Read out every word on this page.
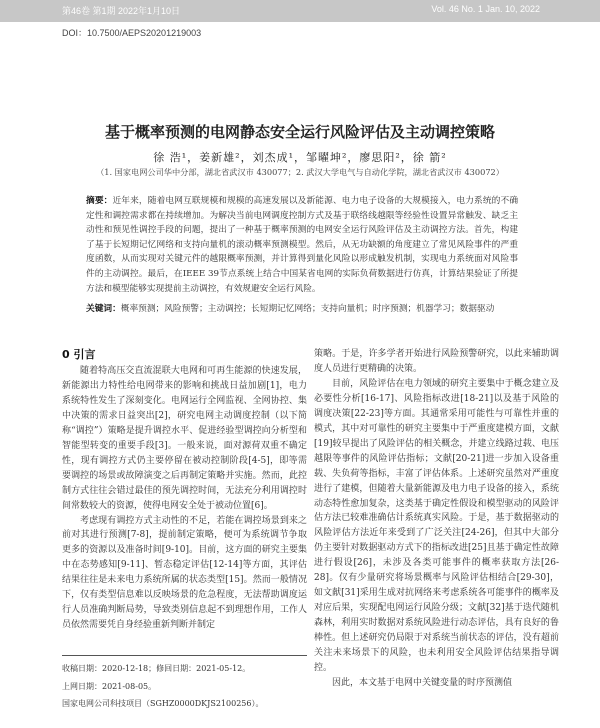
第46卷 第1期 2022年1月10日	Vol. 46 No. 1 Jan. 10, 2022
DOI：10.7500/AEPS20201219003
基于概率预测的电网静态安全运行风险评估及主动调控策略
徐 浩¹，姜新雄²，刘杰成¹，邹曜坤²，廖思阳²，徐 箭²
（1. 国家电网公司华中分部，湖北省武汉市 430077；2. 武汉大学电气与自动化学院，湖北省武汉市 430072）
摘要：近年来，随着电网互联规模和规模的高速发展以及新能源、电力电子设备的大规模接入，电力系统的不确定性和调控需求都在持续增加。为解决当前电网调度控制方式及基于联络线越限等经验性设置异常触发、缺乏主动性和预见性调控手段的问题，提出了一种基于概率预测的电网安全运行风险评估及主动调控方法。首先，构建了基于长短期记忆网络和支持向量机的滚动概率预测模型。然后，从无功缺额的角度建立了常见风险事件的严重度函数，从而实现对关键元件的越限概率预测，并计算得到量化风险以形成触发机制，实现电力系统面对风险事件的主动调控。最后，在IEEE 39节点系统上结合中国某省电网的实际负荷数据进行仿真，计算结果验证了所提方法和模型能够实现提前主动调控，有效规避安全运行风险。
关键词：概率预测；风险预警；主动调控；长短期记忆网络；支持向量机；时序预测；机器学习；数据驱动
0 引言

随着特高压交直流混联大电网和可再生能源的快速发展，新能源出力特性给电网带来的影响和挑战日益加剧[1]，电力系统特性发生了深刻变化。电网运行全网监视、全网协控、集中决策的需求日益突出[2]，研究电网主动调度控制（以下简称“调控”）策略是提升调控水平、促进经验型调控向分析型和智能型转变的重要手段[3]。一般来说，面对源荷双重不确定性，现有调控方式仍主要停留在被动控制阶段[4-5]，即等需要调控的场景或故障演变之后再制定策略并实施。然而，此控制方式往往会错过最佳的预先调控时间，无法充分利用调控时间常数较大的资源，使得电网安全处于被动位置[6]。

考虑现有调控方式主动性的不足，若能在调控场景到来之前对其进行预测[7-8]，提前制定策略，便可为系统调节争取更多的资源以及准备时间[9-10]。目前，这方面的研究主要集中在态势感知[9-11]、暂态稳定评估[12-14]等方面，其评估结果往往是未来电力系统所属的状态类型[15]。然而一般情况下，仅有类型信息难以反映场景的危急程度，无法帮助调度运行人员准确判断局势，导致类别信息起不到理想作用，工作人员依然需要凭自身经验重新判断并制定

策略。于是，许多学者开始进行风险预警研究，以此来辅助调度人员进行更精确的决策。

目前，风险评估在电力领域的研究主要集中于概念建立及必要性分析[16-17]、风险指标改进[18-21]以及基于风险的调度决策[22-23]等方面。其通常采用可能性与可靠性并重的模式，其中对可靠性的研究主要集中于严重度建模方面，文献[19]较早提出了风险评估的相关概念，并建立线路过载、电压越限等事件的风险评估指标；文献[20-21]进一步加入设备重载、失负荷等指标，丰富了评估体系。上述研究虽然对严重度进行了建模，但随着大量新能源及电力电子设备的接入，系统动态特性愈加复杂，这类基于确定性假设和模型驱动的风险评估方法已较难准确估计系统真实风险。于是，基于数据驱动的风险评估方法近年来受到了广泛关注[24-26]，但其中大部分仍主要针对数据驱动方式下的指标改进[25]且基于确定性故障进行假设[26]，未涉及各类可能事件的概率获取方法[26-28]。仅有少量研究将场景概率与风险评估相结合[29-30]，如文献[31]采用生成对抗网络来考虑系统各可能事件的概率及对应后果，实现配电网运行风险分级；文献[32]基于迭代随机森林，利用实时数据对系统风险进行动态评估，具有良好的鲁棒性。但上述研究仍局限于对系统当前状态的评估，没有超前关注未来场景下的风险，也未利用安全风险评估结果指导调控。

因此，本文基于电网中关键变量的时序预测值

收稿日期：2020-12-18；修回日期：2021-05-12。
上网日期：2021-08-05。
国家电网公司科技项目（SGHZ0000DKJS2100256）。
